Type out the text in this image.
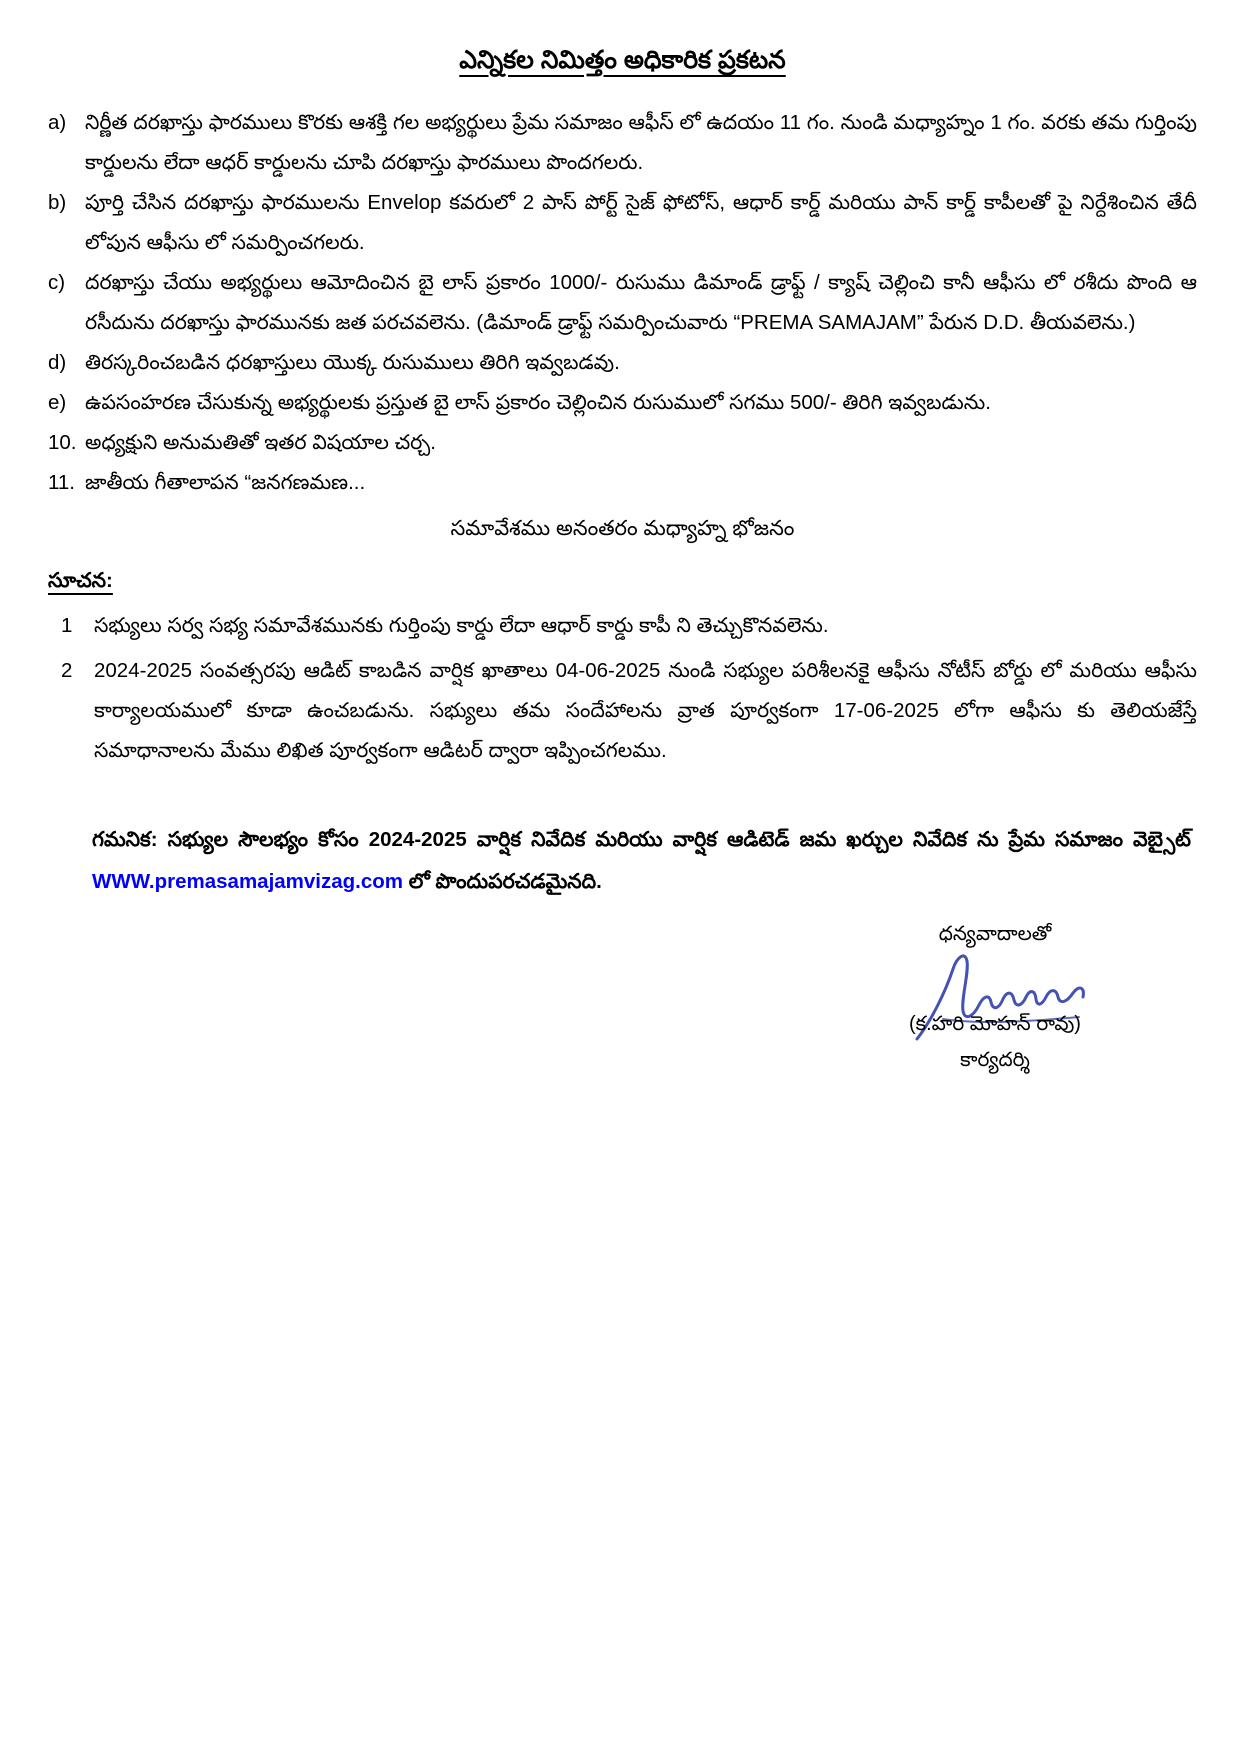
ఎన్నికల నిమిత్తం అధికారిక ప్రకటన
a) నిర్ణీత దరఖాస్తు ఫారములు కొరకు ఆశక్తి గల అభ్యర్థులు ప్రేమ సమాజం ఆఫీస్ లో ఉదయం 11 గం. నుండి మధ్యాహ్నం 1 గం. వరకు తమ గుర్తింపు కార్డులను లేదా ఆధర్ కార్డులను చూపి దరఖాస్తు ఫారములు పొందగలరు.
b) పూర్తి చేసిన దరఖాస్తు ఫారములను Envelop కవరులో 2 పాస్ పోర్ట్ సైజ్ ఫోటోస్, ఆధార్ కార్డ్ మరియు పాన్ కార్డ్ కాపీలతో పై నిర్దేశించిన తేదీ లోపున ఆఫీసు లో సమర్పించగలరు.
c) దరఖాస్తు చేయు అభ్యర్థులు ఆమోదించిన బై లాస్ ప్రకారం 1000/- రుసుము డిమాండ్ డ్రాఫ్ట్ / క్యాష్ చెల్లించి కానీ ఆఫీసు లో రశీదు పొంది ఆ రసీదును దరఖాస్తు ఫారమునకు జత పరచవలెను. (డిమాండ్ డ్రాఫ్ట్ సమర్పించువారు “PREMA SAMAJAM” పేరున D.D. తీయవలెను.)
d) తిరస్కరించబడిన ధరఖాస్తులు యొక్క రుసుములు తిరిగి ఇవ్వబడవు.
e) ఉపసంహరణ చేసుకున్న అభ్యర్థులకు ప్రస్తుత బై లాస్ ప్రకారం చెల్లించిన రుసుములో సగము 500/- తిరిగి ఇవ్వబడును.
10. అధ్యక్షుని అనుమతితో ఇతర విషయాల చర్చ.
11. జాతీయ గీతాలాపన “జనగణమణ...
సమావేశము అనంతరం మధ్యాహ్న భోజనం
సూచన:
1	సభ్యులు సర్వ సభ్య సమావేశమునకు గుర్తింపు కార్డు లేదా ఆధార్ కార్డు కాపీ ని తెచ్చుకొనవలెను.
2	2024-2025 సంవత్సరపు ఆడిట్ కాబడిన వార్షిక ఖాతాలు 04-06-2025 నుండి సభ్యుల పరిశీలనకై ఆఫీసు నోటీస్ బోర్డు లో మరియు ఆఫీసు కార్యాలయములో కూడా ఉంచబడును. సభ్యులు తమ సందేహాలను వ్రాత పూర్వకంగా 17-06-2025 లోగా ఆఫీసు కు తెలియజేస్తే సమాధానాలను మేము లిఖిత పూర్వకంగా ఆడిటర్ ద్వారా ఇప్పించగలము.
గమనిక: సభ్యుల సౌలభ్యం కోసం 2024-2025 వార్షిక నివేదిక మరియు వార్షిక ఆడిటెడ్ జమ ఖర్చుల నివేదిక ను ప్రేమ సమాజం వెబ్సైట్ WWW.premasamajamvizag.com లో పొందుపరచడమైనది.
ధన్యవాదాలతో
(క.హరి మోహన్ రావు)
కార్యదర్శి
